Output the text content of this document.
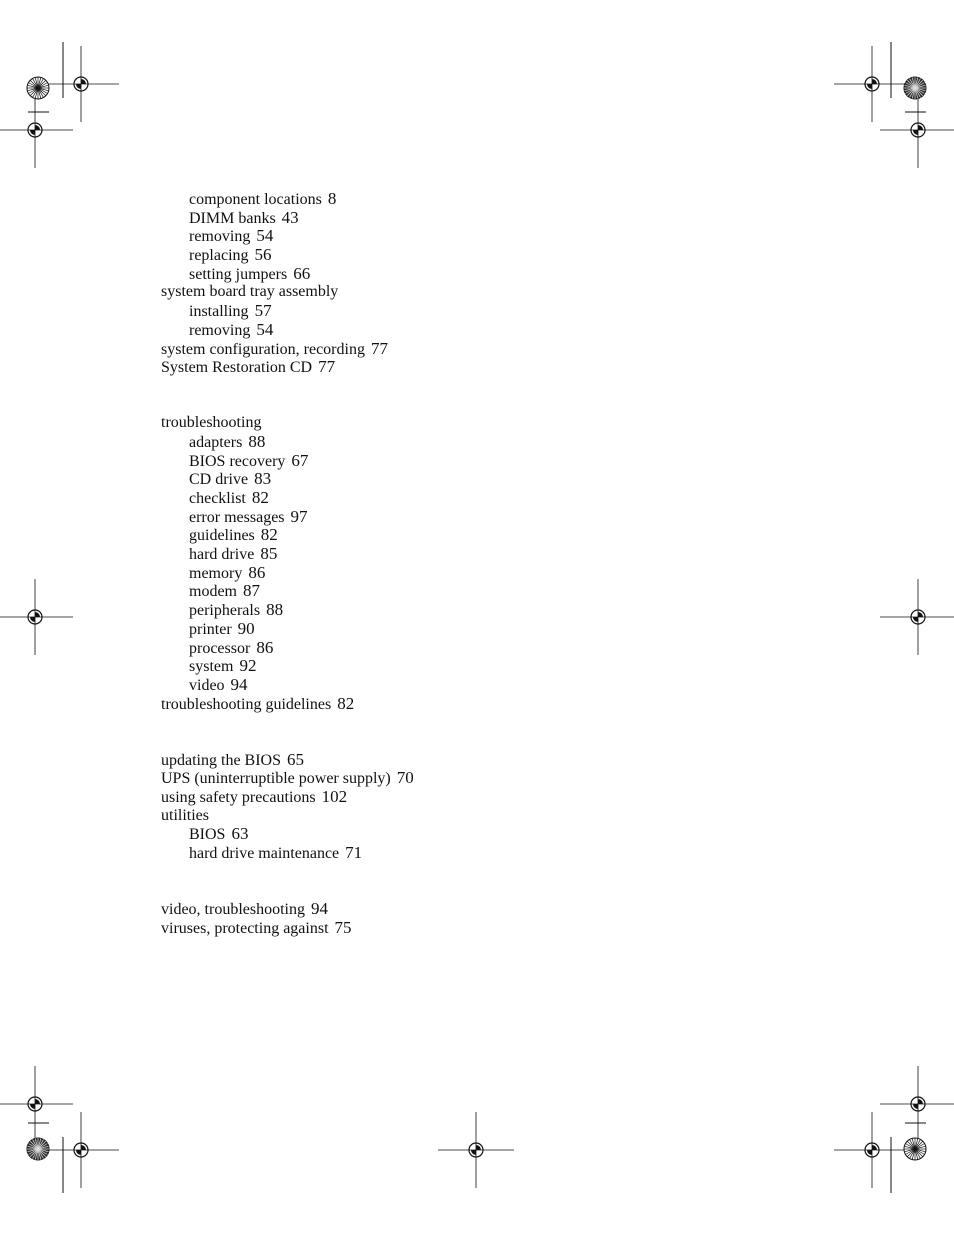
component locations 8
DIMM banks 43
removing 54
replacing 56
setting jumpers 66
system board tray assembly
installing 57
removing 54
system configuration, recording 77
System Restoration CD 77
troubleshooting
adapters 88
BIOS recovery 67
CD drive 83
checklist 82
error messages 97
guidelines 82
hard drive 85
memory 86
modem 87
peripherals 88
printer 90
processor 86
system 92
video 94
troubleshooting guidelines 82
updating the BIOS 65
UPS (uninterruptible power supply) 70
using safety precautions 102
utilities
BIOS 63
hard drive maintenance 71
video, troubleshooting 94
viruses, protecting against 75
